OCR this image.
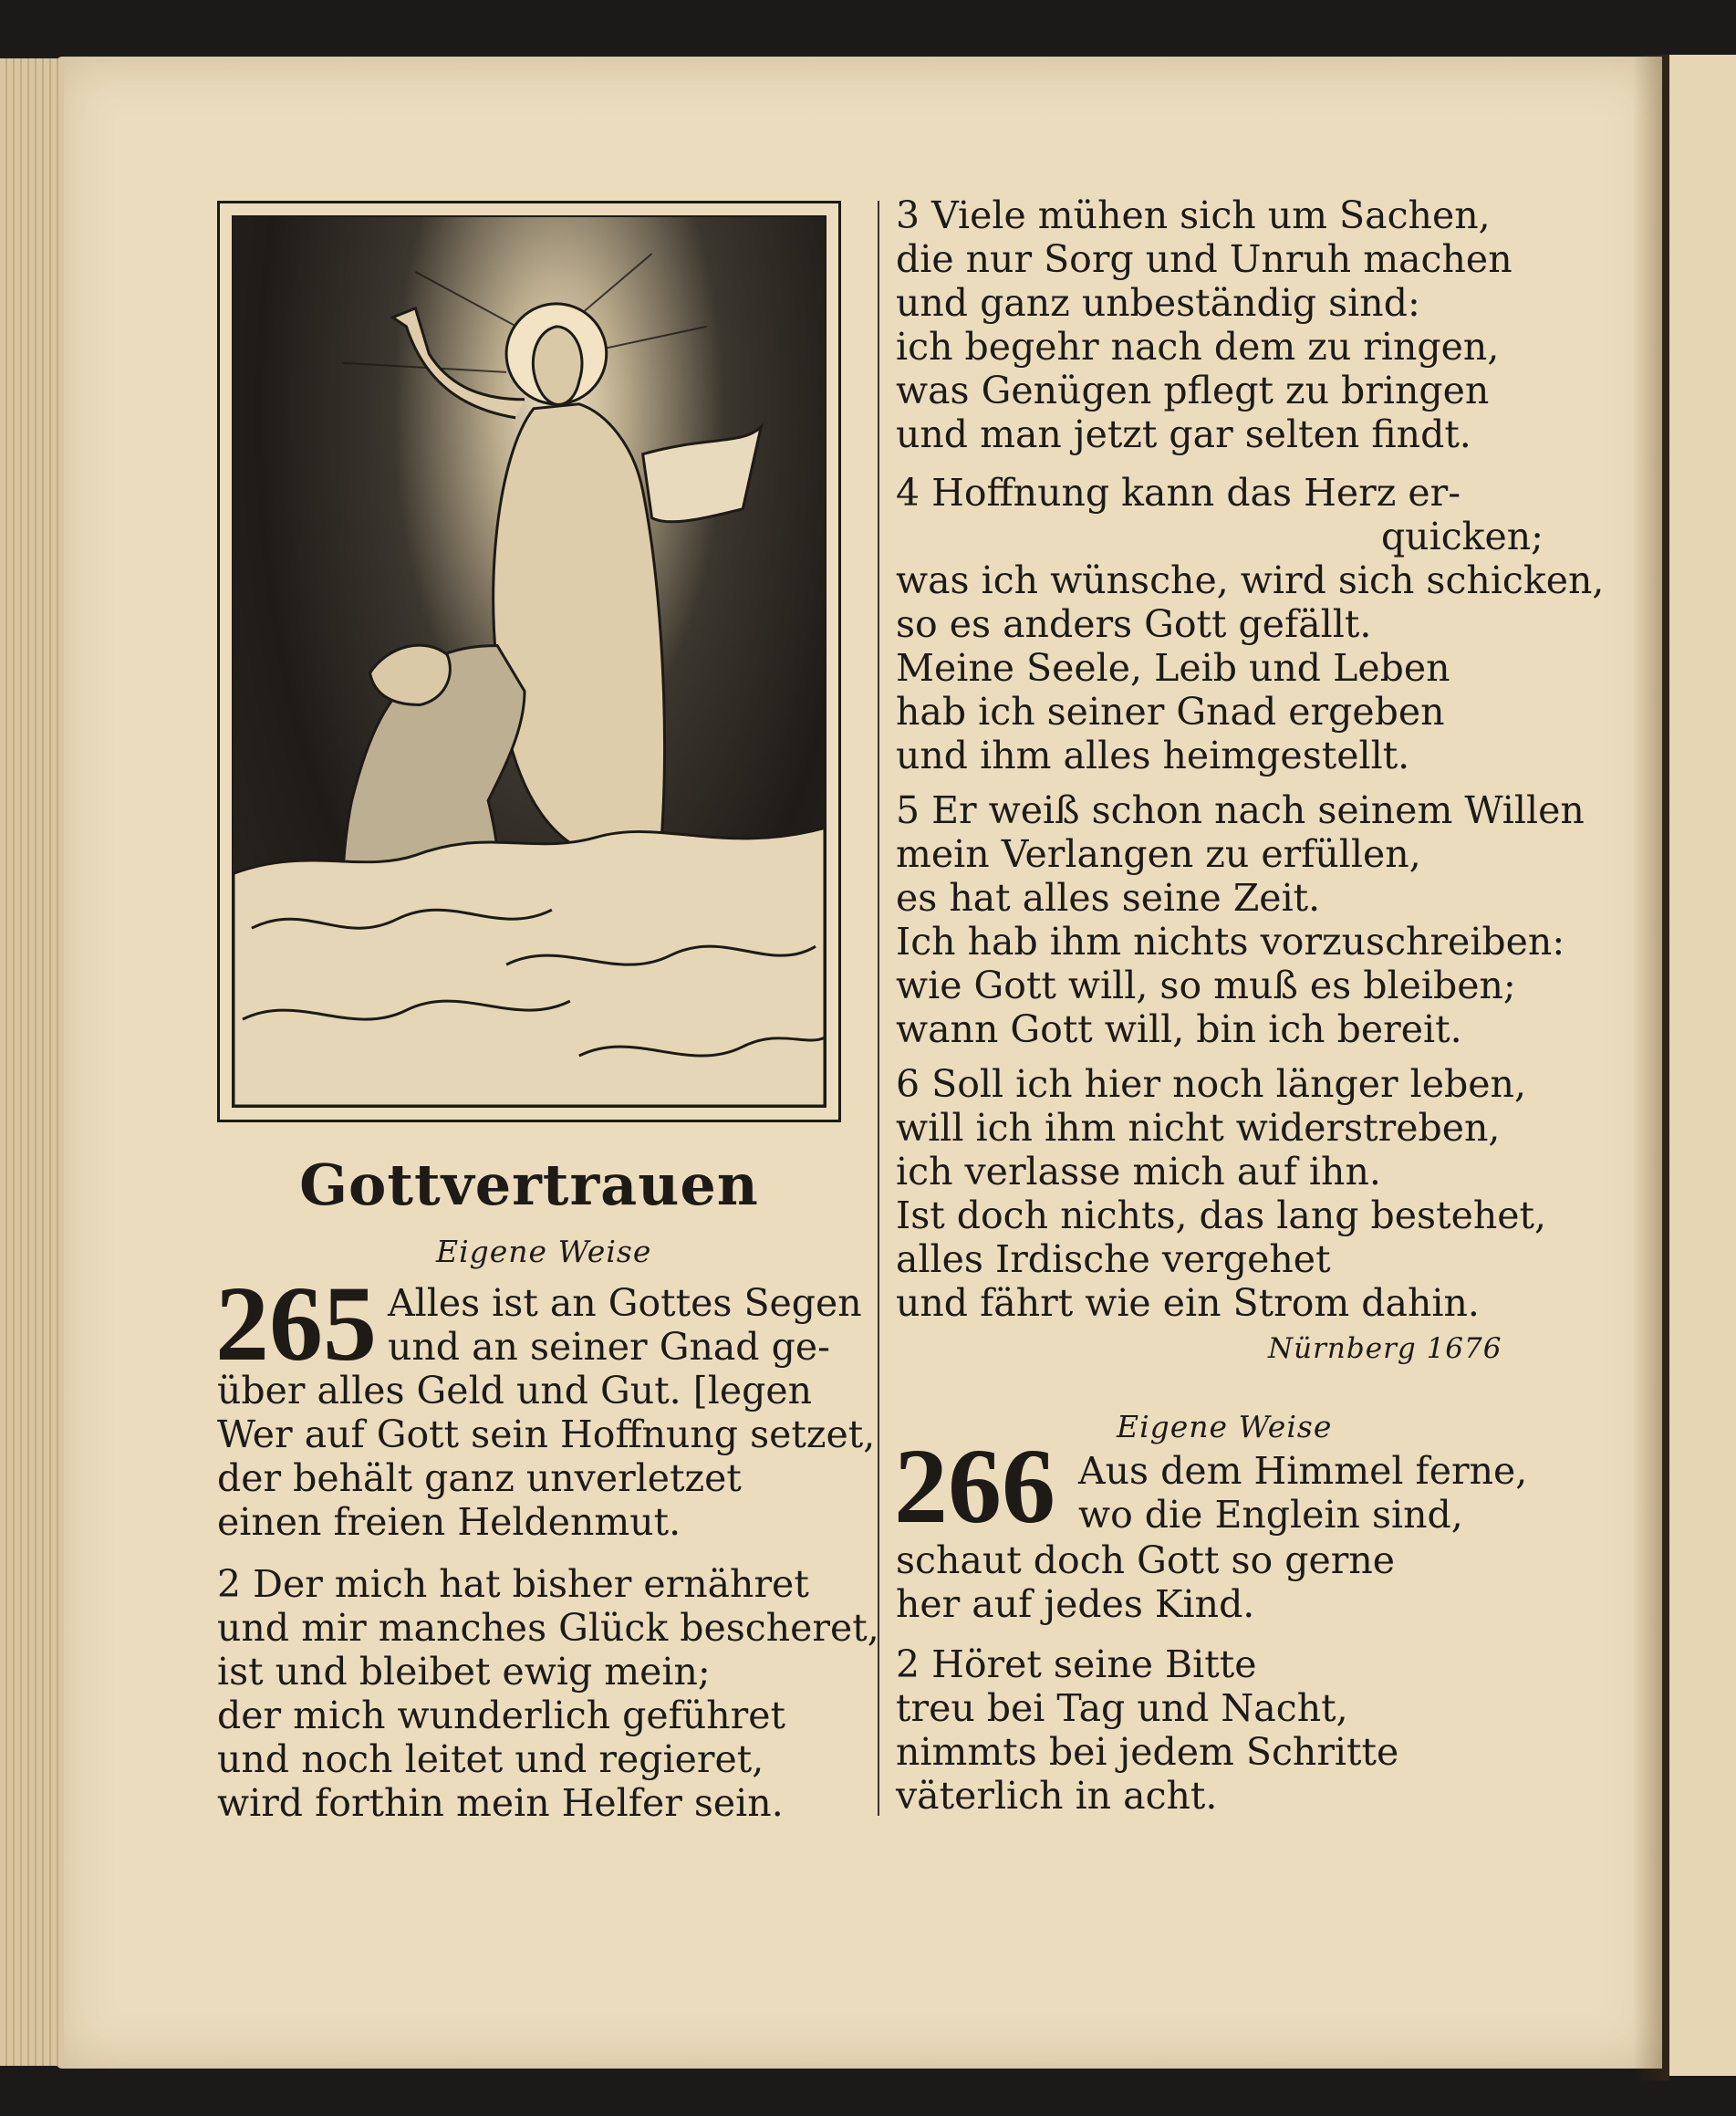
Gottvertrauen
Eigene Weise
265 Alles ist an Gottes Segen
und an seiner Gnad ge-
über alles Geld und Gut. [legen
Wer auf Gott sein Hoffnung setzet,
der behält ganz unverletzet
einen freien Heldenmut.
2 Der mich hat bisher ernähret
und mir manches Glück bescheret,
ist und bleibet ewig mein;
der mich wunderlich geführet
und noch leitet und regieret,
wird forthin mein Helfer sein.
3 Viele mühen sich um Sachen,
die nur Sorg und Unruh machen
und ganz unbeständig sind:
ich begehr nach dem zu ringen,
was Genügen pflegt zu bringen
und man jetzt gar selten findt.
4 Hoffnung kann das Herz er-
quicken;
was ich wünsche, wird sich schicken,
so es anders Gott gefällt.
Meine Seele, Leib und Leben
hab ich seiner Gnad ergeben
und ihm alles heimgestellt.
5 Er weiß schon nach seinem Willen
mein Verlangen zu erfüllen,
es hat alles seine Zeit.
Ich hab ihm nichts vorzuschreiben:
wie Gott will, so muß es bleiben;
wann Gott will, bin ich bereit.
6 Soll ich hier noch länger leben,
will ich ihm nicht widerstreben,
ich verlasse mich auf ihn.
Ist doch nichts, das lang bestehet,
alles Irdische vergehet
und fährt wie ein Strom dahin.
Nürnberg 1676
Eigene Weise
266 Aus dem Himmel ferne,
wo die Englein sind,
schaut doch Gott so gerne
her auf jedes Kind.
2 Höret seine Bitte
treu bei Tag und Nacht,
nimmts bei jedem Schritte
väterlich in acht.
